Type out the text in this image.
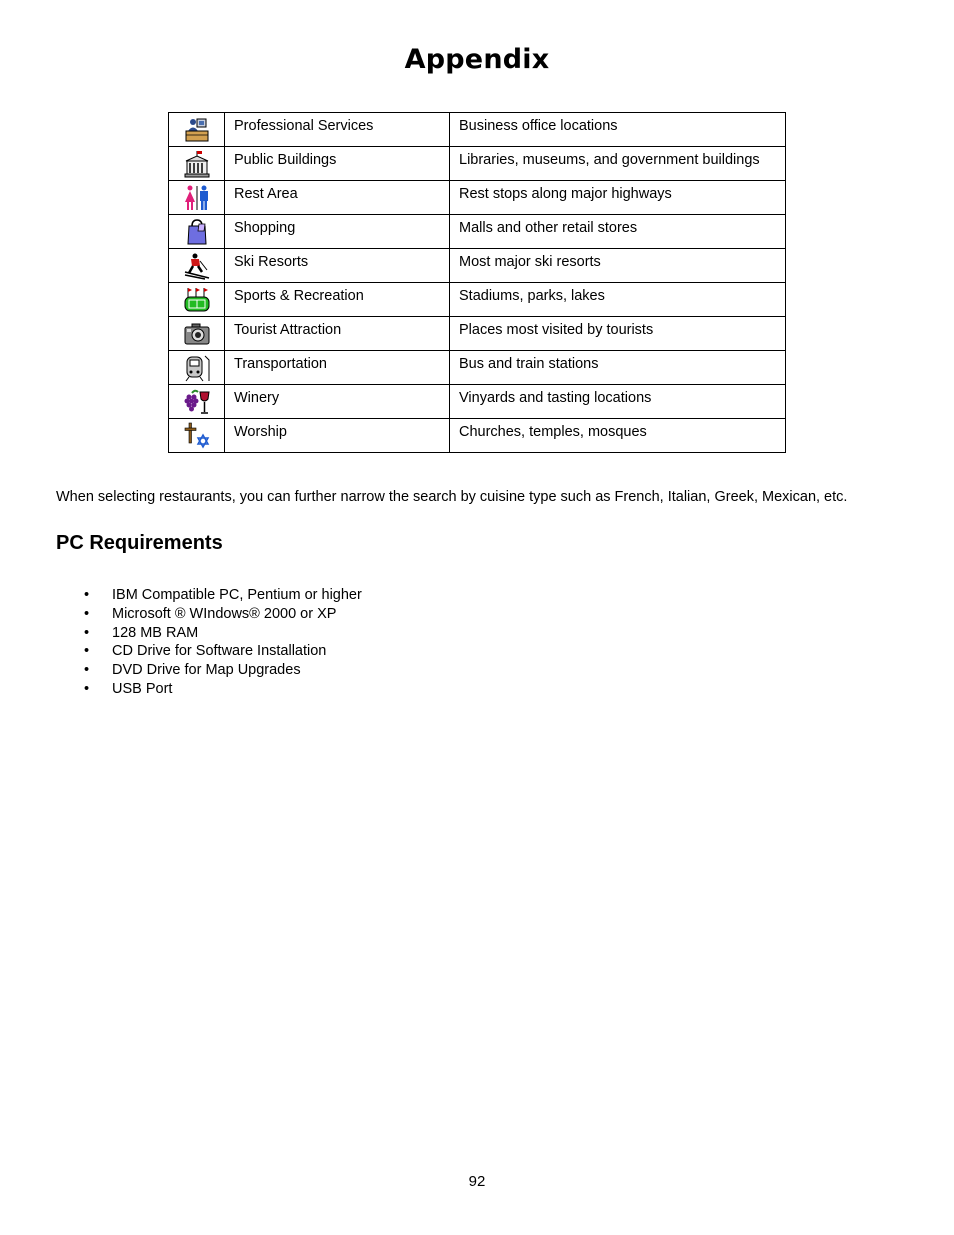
Appendix

Professional Services	Business office locations

Public Buildings	Libraries, museums, and government buildings

Rest Area	Rest stops along major highways

Shopping	Malls and other retail stores

Ski Resorts	Most major ski resorts

Sports & Recreation	Stadiums, parks, lakes

Tourist Attraction	Places most visited by tourists

Transportation	Bus and train stations

Winery	Vinyards and tasting locations

Worship	Churches, temples, mosques
When selecting restaurants, you can further narrow the search by cuisine type such as French, Italian, Greek, Mexican, etc.
PC Requirements
• IBM Compatible PC, Pentium or higher
• Microsoft ® WIndows® 2000 or XP
• 128 MB RAM
• CD Drive for Software Installation
• DVD Drive for Map Upgrades
• USB Port
92
